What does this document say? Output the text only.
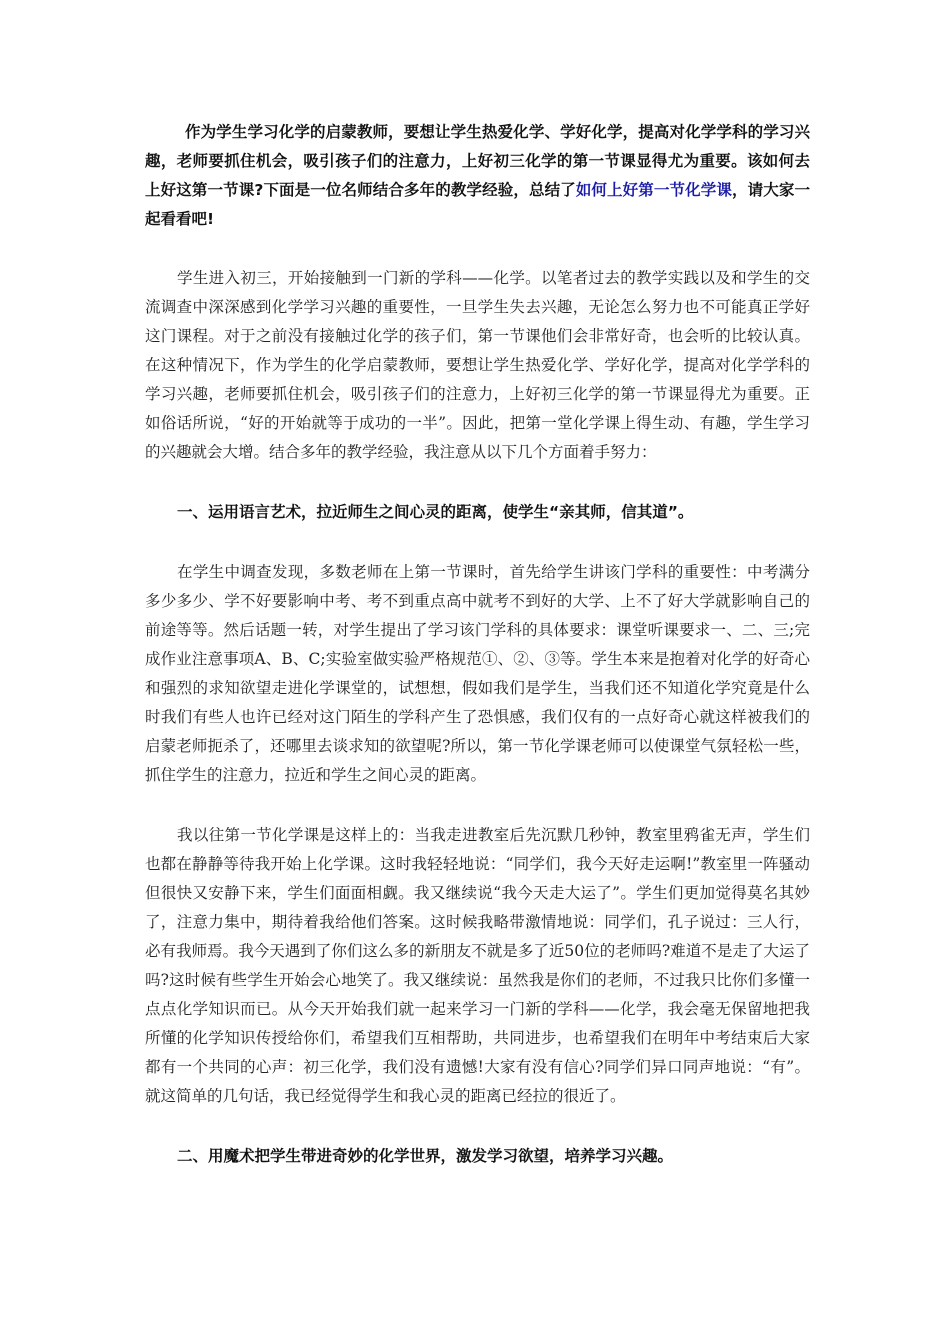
作为学生学习化学的启蒙教师，要想让学生热爱化学、学好化学，提高对化学学科的学习兴趣，老师要抓住机会，吸引孩子们的注意力，上好初三化学的第一节课显得尤为重要。该如何去上好这第一节课?下面是一位名师结合多年的教学经验，总结了如何上好第一节化学课，请大家一起看看吧!

学生进入初三，开始接触到一门新的学科——化学。以笔者过去的教学实践以及和学生的交流调查中深深感到化学学习兴趣的重要性，一旦学生失去兴趣，无论怎么努力也不可能真正学好这门课程。对于之前没有接触过化学的孩子们，第一节课他们会非常好奇，也会听的比较认真。在这种情况下，作为学生的化学启蒙教师，要想让学生热爱化学、学好化学，提高对化学学科的学习兴趣，老师要抓住机会，吸引孩子们的注意力，上好初三化学的第一节课显得尤为重要。正如俗话所说，“好的开始就等于成功的一半”。因此，把第一堂化学课上得生动、有趣，学生学习的兴趣就会大增。结合多年的教学经验，我注意从以下几个方面着手努力：

一、运用语言艺术，拉近师生之间心灵的距离，使学生“亲其师，信其道”。

在学生中调查发现，多数老师在上第一节课时，首先给学生讲该门学科的重要性：中考满分多少多少、学不好要影响中考、考不到重点高中就考不到好的大学、上不了好大学就影响自己的前途等等。然后话题一转，对学生提出了学习该门学科的具体要求：课堂听课要求一、二、三;完成作业注意事项A、B、C;实验室做实验严格规范①、②、③等。学生本来是抱着对化学的好奇心和强烈的求知欲望走进化学课堂的，试想想，假如我们是学生，当我们还不知道化学究竟是什么时我们有些人也许已经对这门陌生的学科产生了恐惧感，我们仅有的一点好奇心就这样被我们的启蒙老师扼杀了，还哪里去谈求知的欲望呢?所以，第一节化学课老师可以使课堂气氛轻松一些，抓住学生的注意力，拉近和学生之间心灵的距离。

我以往第一节化学课是这样上的：当我走进教室后先沉默几秒钟，教室里鸦雀无声，学生们也都在静静等待我开始上化学课。这时我轻轻地说：“同学们，我今天好走运啊!”教室里一阵骚动但很快又安静下来，学生们面面相觑。我又继续说“我今天走大运了”。学生们更加觉得莫名其妙了，注意力集中，期待着我给他们答案。这时候我略带激情地说：同学们，孔子说过：三人行，必有我师焉。我今天遇到了你们这么多的新朋友不就是多了近50位的老师吗?难道不是走了大运了吗?这时候有些学生开始会心地笑了。我又继续说：虽然我是你们的老师，不过我只比你们多懂一点点化学知识而已。从今天开始我们就一起来学习一门新的学科——化学，我会毫无保留地把我所懂的化学知识传授给你们，希望我们互相帮助，共同进步，也希望我们在明年中考结束后大家都有一个共同的心声：初三化学，我们没有遗憾!大家有没有信心?同学们异口同声地说：“有”。就这简单的几句话，我已经觉得学生和我心灵的距离已经拉的很近了。

二、用魔术把学生带进奇妙的化学世界，激发学习欲望，培养学习兴趣。
